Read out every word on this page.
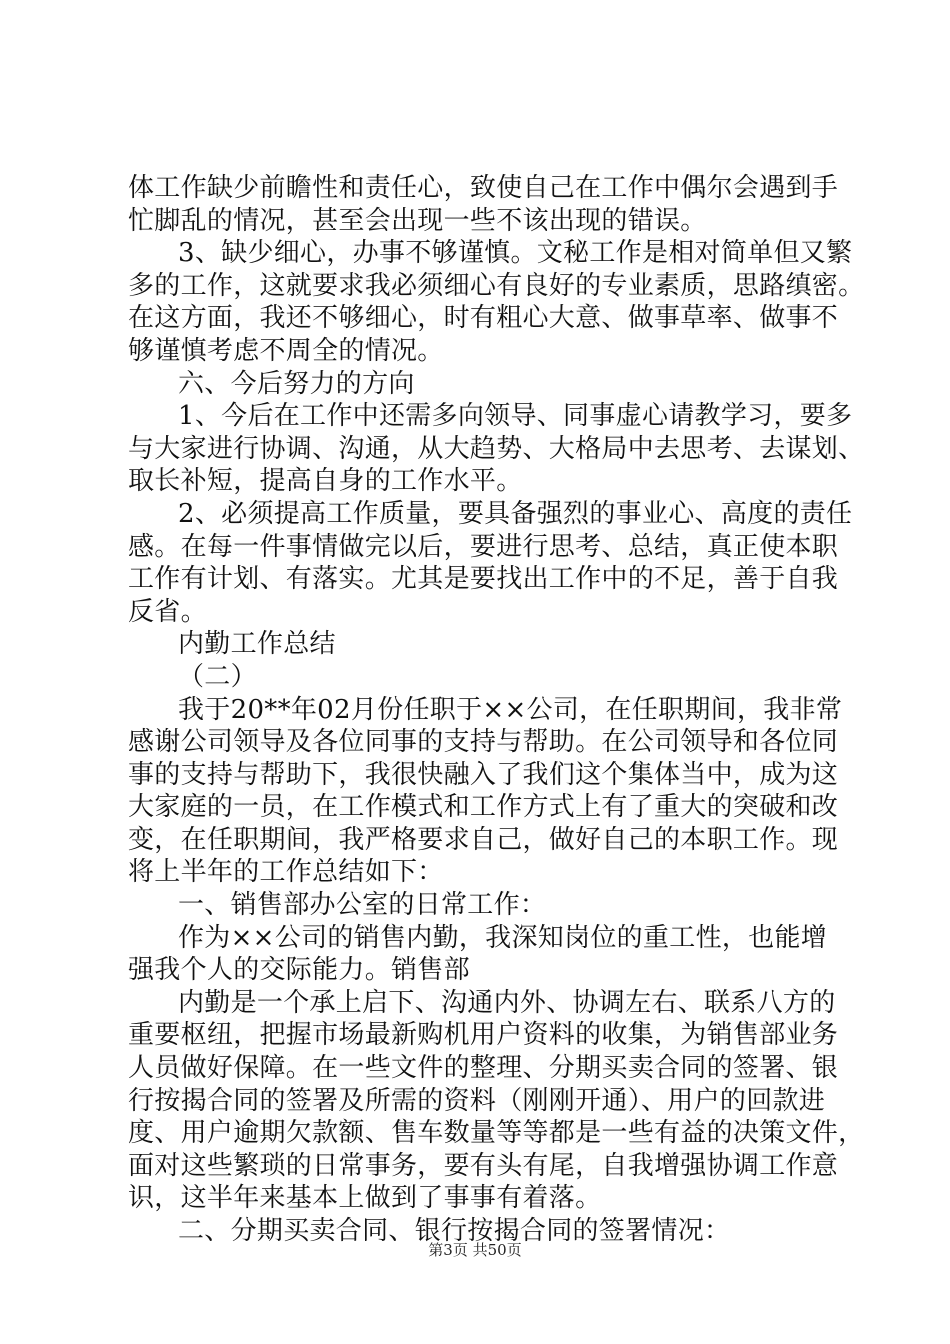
体工作缺少前瞻性和责任心，致使自己在工作中偶尔会遇到手
忙脚乱的情况，甚至会出现一些不该出现的错误。
3、缺少细心，办事不够谨慎。文秘工作是相对简单但又繁
多的工作，这就要求我必须细心有良好的专业素质，思路缜密。
在这方面，我还不够细心，时有粗心大意、做事草率、做事不
够谨慎考虑不周全的情况。
六、今后努力的方向
1、今后在工作中还需多向领导、同事虚心请教学习，要多
与大家进行协调、沟通，从大趋势、大格局中去思考、去谋划、
取长补短，提高自身的工作水平。
2、必须提高工作质量，要具备强烈的事业心、高度的责任
感。在每一件事情做完以后，要进行思考、总结，真正使本职
工作有计划、有落实。尤其是要找出工作中的不足，善于自我
反省。
内勤工作总结
（二）
我于20**年02月份任职于××公司，在任职期间，我非常
感谢公司领导及各位同事的支持与帮助。在公司领导和各位同
事的支持与帮助下，我很快融入了我们这个集体当中，成为这
大家庭的一员，在工作模式和工作方式上有了重大的突破和改
变，在任职期间，我严格要求自己，做好自己的本职工作。现
将上半年的工作总结如下：
一、销售部办公室的日常工作：
作为××公司的销售内勤，我深知岗位的重工性，也能增
强我个人的交际能力。销售部
内勤是一个承上启下、沟通内外、协调左右、联系八方的
重要枢纽，把握市场最新购机用户资料的收集，为销售部业务
人员做好保障。在一些文件的整理、分期买卖合同的签署、银
行按揭合同的签署及所需的资料（刚刚开通）、用户的回款进
度、用户逾期欠款额、售车数量等等都是一些有益的决策文件，
面对这些繁琐的日常事务，要有头有尾，自我增强协调工作意
识，这半年来基本上做到了事事有着落。
二、分期买卖合同、银行按揭合同的签署情况：
第3页 共50页
